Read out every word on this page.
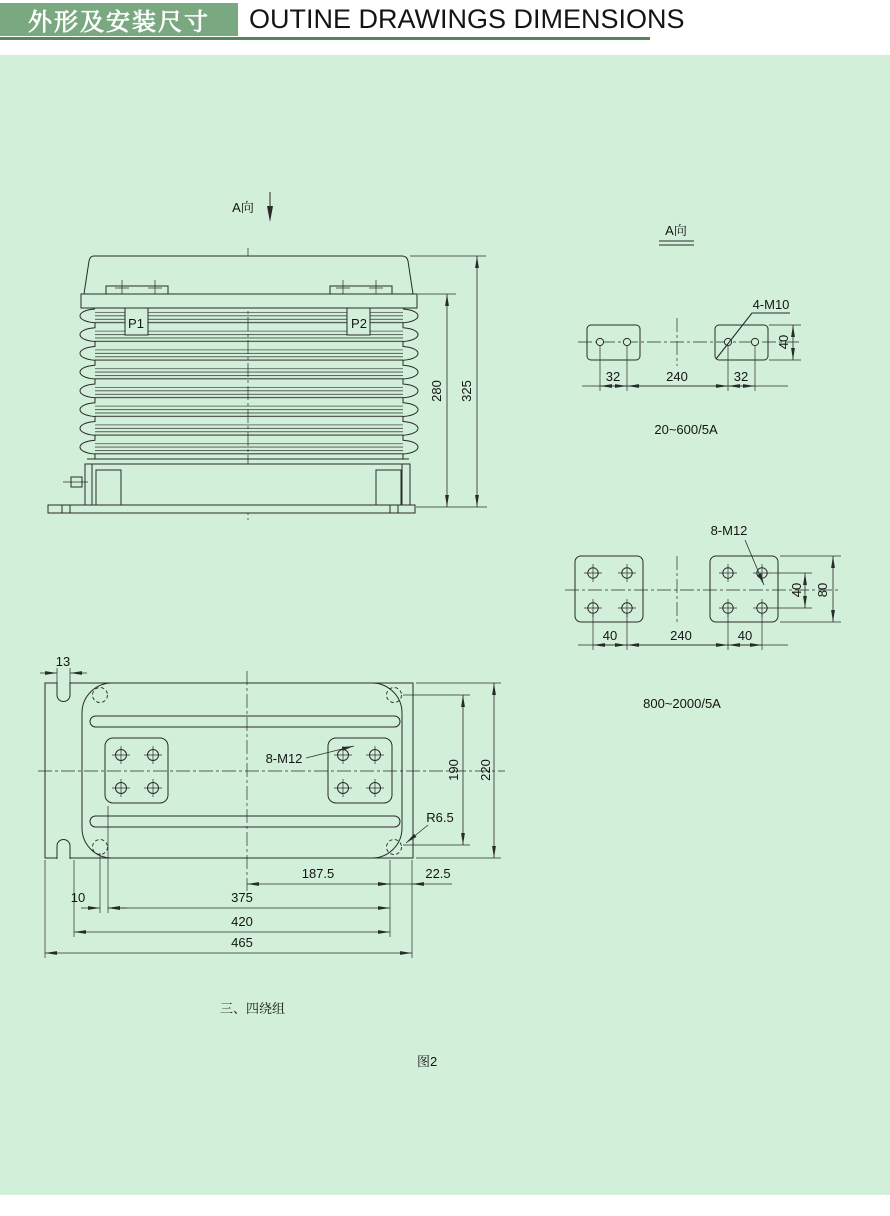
外形及安装尺寸	OUTINE DRAWINGS DIMENSIONS
A向
P1	P2
280 325
A向
4-M10
40
32	240	32
20~600/5A
8-M12
40 80
40	240	40
800~2000/5A
8-M12
R6.5
13
190 220
187.5	22.5
10	375
420
465
三、四绕组
图2
